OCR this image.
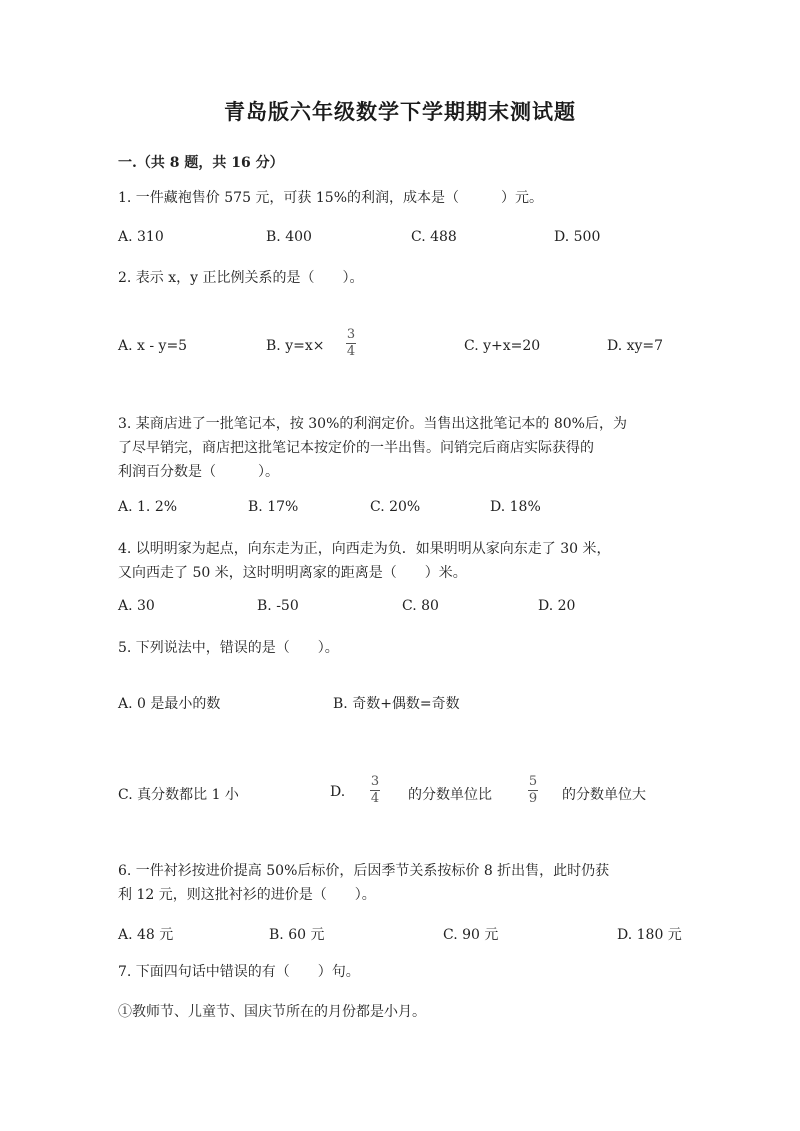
青岛版六年级数学下学期期末测试题
一.（共 8 题，共 16 分）
1. 一件藏袍售价 575 元，可获 15%的利润，成本是（　　　）元。
A. 310	B. 400	C. 488	D. 500
2. 表示 x，y 正比例关系的是（　　）。
A. x - y=5	B. y=x×
3
4	C. y+x=20	D. xy=7
3. 某商店进了一批笔记本，按 30%的利润定价。当售出这批笔记本的 80%后，为
了尽早销完，商店把这批笔记本按定价的一半出售。问销完后商店实际获得的
利润百分数是（　　　）。
A. 1. 2%	B. 17%	C. 20%	D. 18%
4. 以明明家为起点，向东走为正，向西走为负．如果明明从家向东走了 30 米，
又向西走了 50 米，这时明明离家的距离是（　　）米。
A. 30	B. -50	C. 80	D. 20
5. 下列说法中，错误的是（　　）。
A. 0 是最小的数	B. 奇数+偶数=奇数
C. 真分数都比 1 小	D.
3
4 的分数单位比
5
9 的分数单位大
6. 一件衬衫按进价提高 50%后标价，后因季节关系按标价 8 折出售，此时仍获
利 12 元，则这批衬衫的进价是（　　）。
A. 48 元	B. 60 元	C. 90 元	D. 180 元
7. 下面四句话中错误的有（　　）句。
①教师节、儿童节、国庆节所在的月份都是小月。
